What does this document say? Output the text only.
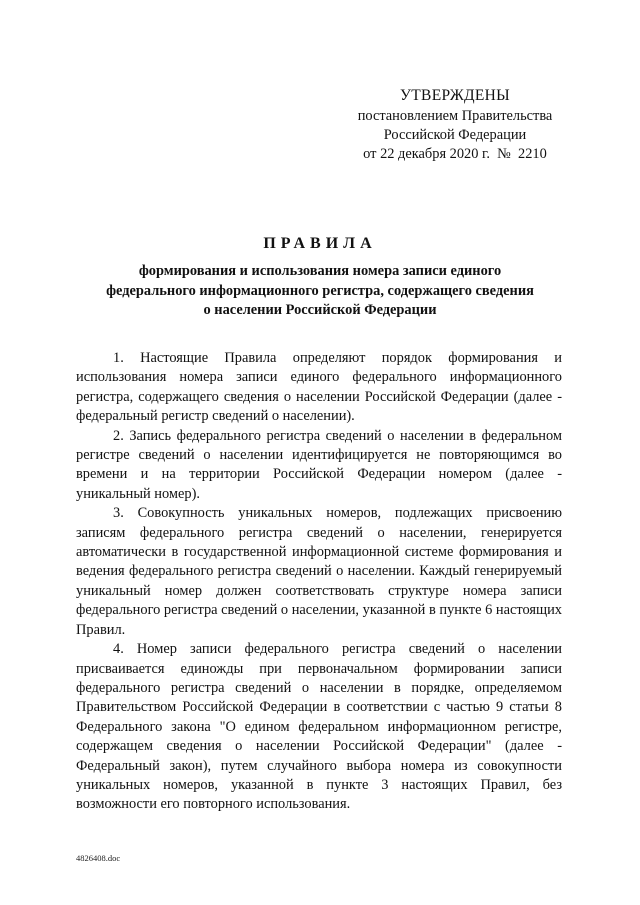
УТВЕРЖДЕНЫ
постановлением Правительства
Российской Федерации
от 22 декабря 2020 г.  №  2210
ПРАВИЛА
формирования и использования номера записи единого
федерального информационного регистра, содержащего сведения
о населении Российской Федерации

1. Настоящие Правила определяют порядок формирования и использования номера записи единого федерального информационного регистра, содержащего сведения о населении Российской Федерации (далее - федеральный регистр сведений о населении).

2. Запись федерального регистра сведений о населении в федеральном регистре сведений о населении идентифицируется не повторяющимся во времени и на территории Российской Федерации номером (далее - уникальный номер).

3. Совокупность уникальных номеров, подлежащих присвоению записям федерального регистра сведений о населении, генерируется автоматически в государственной информационной системе формирования и ведения федерального регистра сведений о населении. Каждый генерируемый уникальный номер должен соответствовать структуре номера записи федерального регистра сведений о населении, указанной в пункте 6 настоящих Правил.

4. Номер записи федерального регистра сведений о населении присваивается единожды при первоначальном формировании записи федерального регистра сведений о населении в порядке, определяемом Правительством Российской Федерации в соответствии с частью 9 статьи 8 Федерального закона "О едином федеральном информационном регистре, содержащем сведения о населении Российской Федерации" (далее - Федеральный закон), путем случайного выбора номера из совокупности уникальных номеров, указанной в пункте 3 настоящих Правил, без возможности его повторного использования.

4826408.doc
